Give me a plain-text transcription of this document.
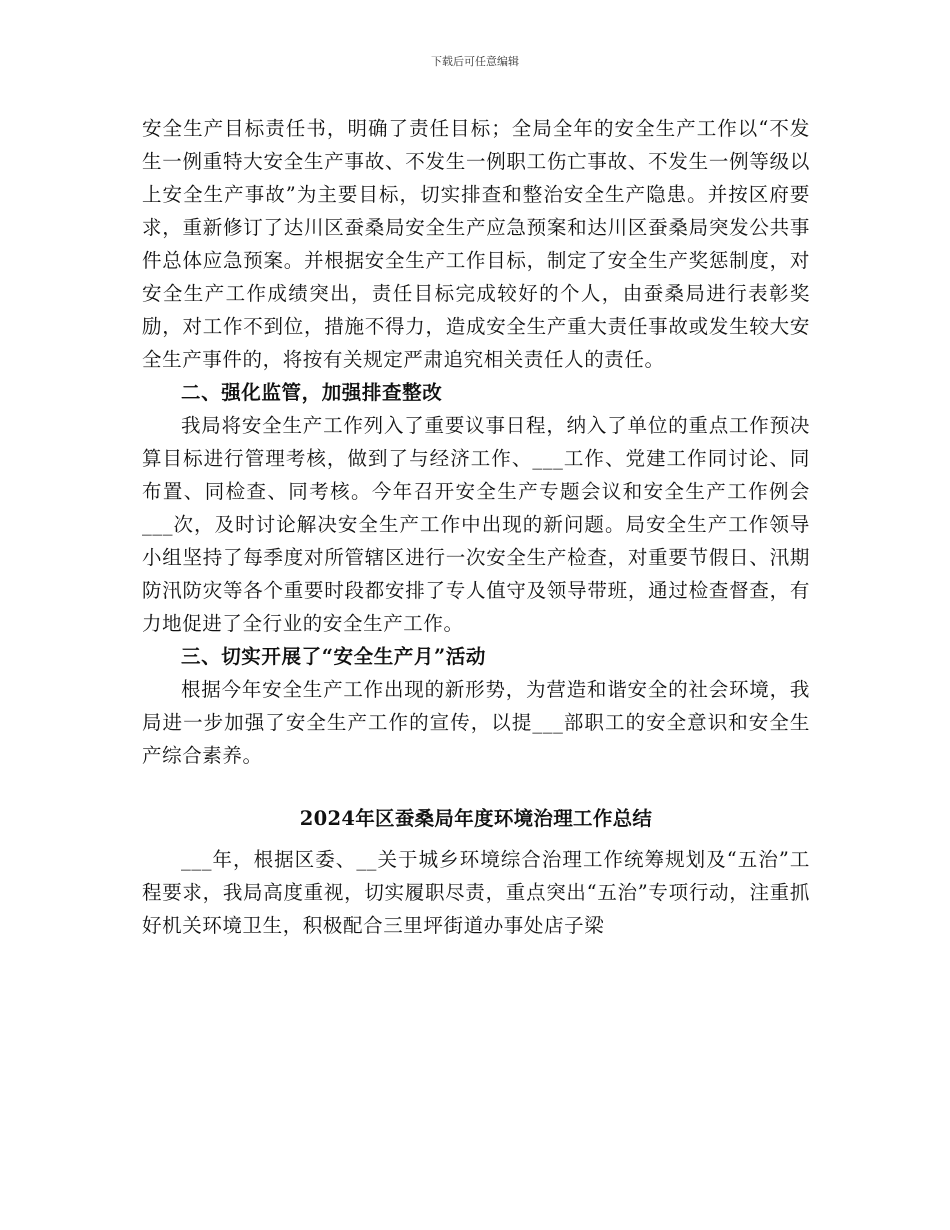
下载后可任意编辑

安全生产目标责任书，明确了责任目标；全局全年的安全生产工作以“不发生一例重特大安全生产事故、不发生一例职工伤亡事故、不发生一例等级以上安全生产事故”为主要目标，切实排查和整治安全生产隐患。并按区府要求，重新修订了达川区蚕桑局安全生产应急预案和达川区蚕桑局突发公共事件总体应急预案。并根据安全生产工作目标，制定了安全生产奖惩制度，对安全生产工作成绩突出，责任目标完成较好的个人，由蚕桑局进行表彰奖励，对工作不到位，措施不得力，造成安全生产重大责任事故或发生较大安全生产事件的，将按有关规定严肃追究相关责任人的责任。

二、强化监管，加强排查整改

我局将安全生产工作列入了重要议事日程，纳入了单位的重点工作预决算目标进行管理考核，做到了与经济工作、___工作、党建工作同讨论、同布置、同检查、同考核。今年召开安全生产专题会议和安全生产工作例会___次，及时讨论解决安全生产工作中出现的新问题。局安全生产工作领导小组坚持了每季度对所管辖区进行一次安全生产检查，对重要节假日、汛期防汛防灾等各个重要时段都安排了专人值守及领导带班，通过检查督查，有力地促进了全行业的安全生产工作。

三、切实开展了“安全生产月”活动

根据今年安全生产工作出现的新形势，为营造和谐安全的社会环境，我局进一步加强了安全生产工作的宣传，以提___部职工的安全意识和安全生产综合素养。

2024年区蚕桑局年度环境治理工作总结

___年，根据区委、__关于城乡环境综合治理工作统筹规划及“五治”工程要求，我局高度重视，切实履职尽责，重点突出“五治”专项行动，注重抓好机关环境卫生，积极配合三里坪街道办事处店子梁
